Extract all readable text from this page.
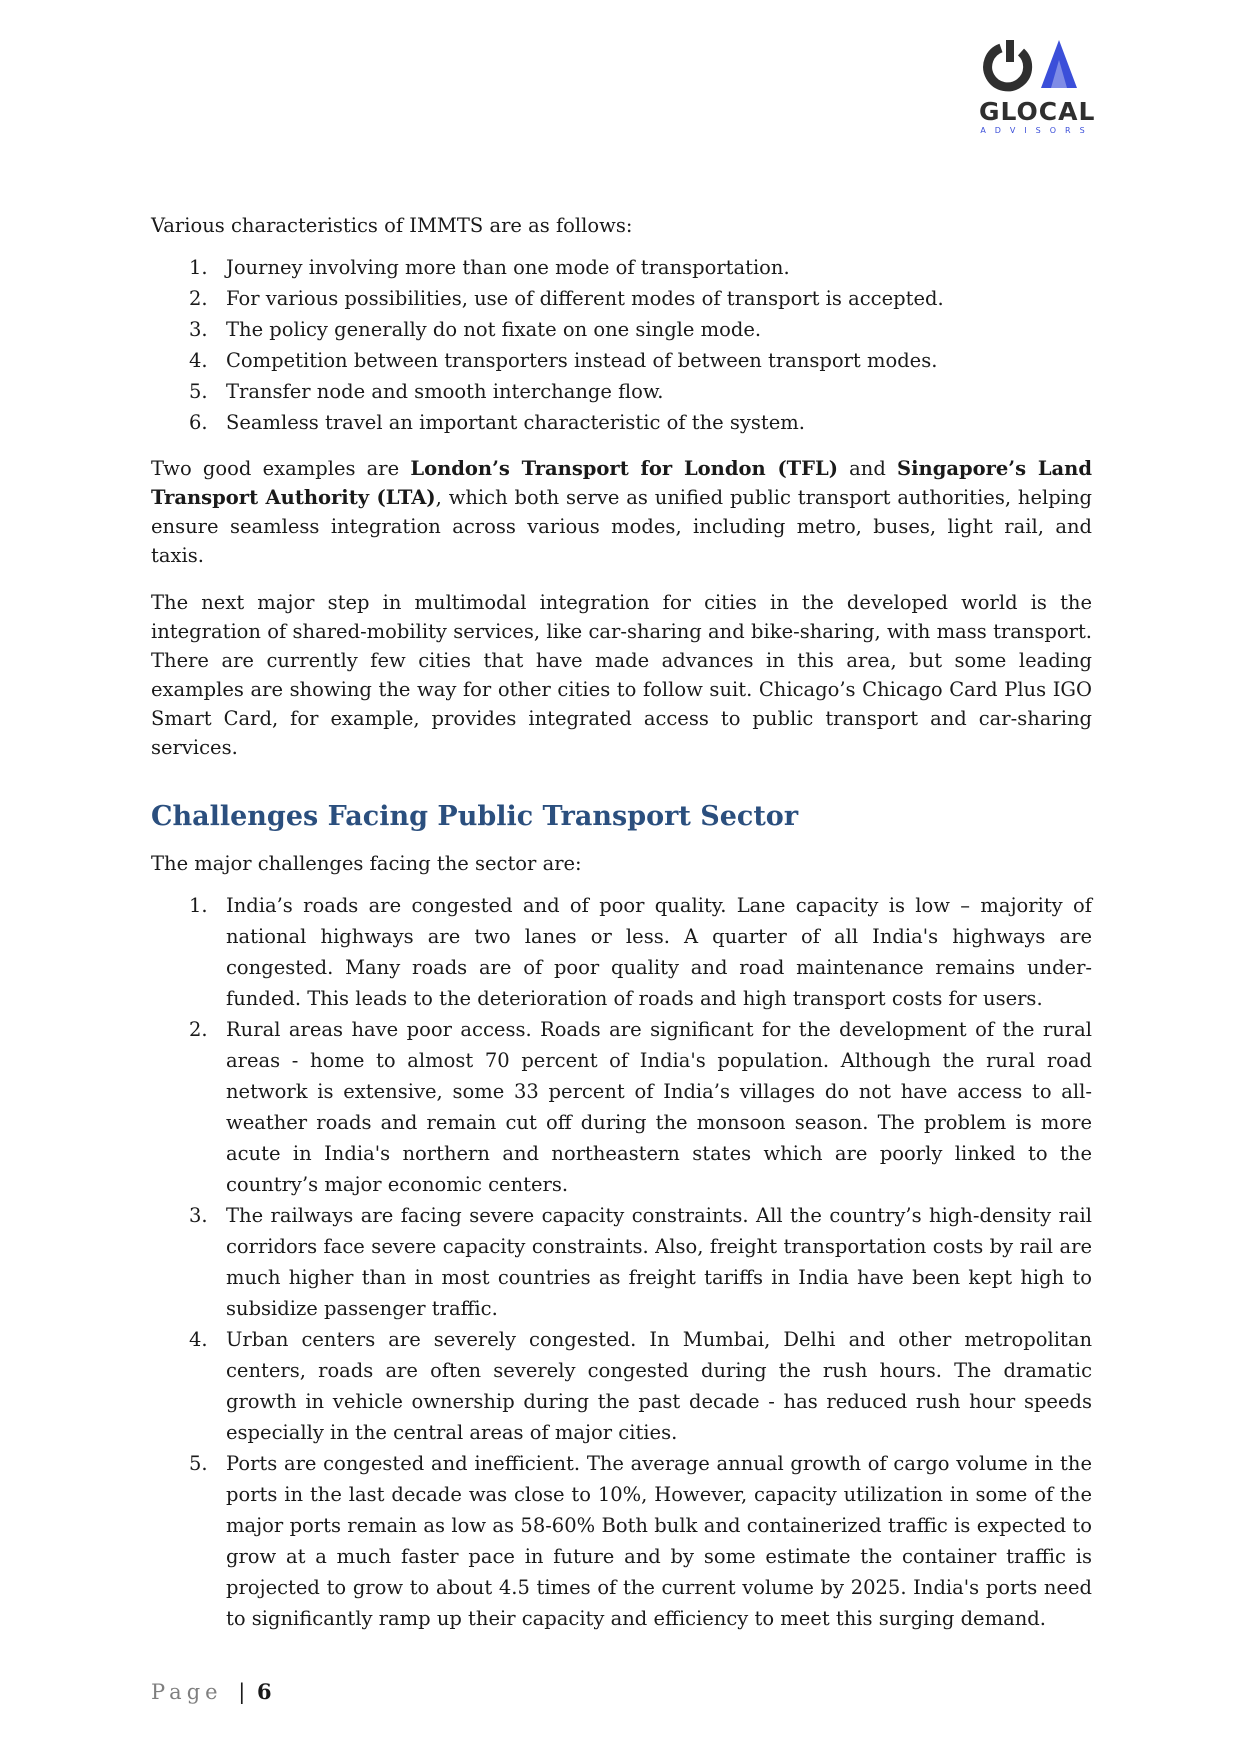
GLOCAL
ADVISORS

Various characteristics of IMMTS are as follows:

1. Journey involving more than one mode of transportation.
2. For various possibilities, use of different modes of transport is accepted.
3. The policy generally do not fixate on one single mode.
4. Competition between transporters instead of between transport modes.
5. Transfer node and smooth interchange flow.
6. Seamless travel an important characteristic of the system.

Two good examples are London’s Transport for London (TFL) and Singapore’s Land Transport Authority (LTA), which both serve as unified public transport authorities, helping ensure seamless integration across various modes, including metro, buses, light rail, and taxis.

The next major step in multimodal integration for cities in the developed world is the integration of shared-mobility services, like car-sharing and bike-sharing, with mass transport. There are currently few cities that have made advances in this area, but some leading examples are showing the way for other cities to follow suit. Chicago’s Chicago Card Plus IGO Smart Card, for example, provides integrated access to public transport and car-sharing services.

Challenges Facing Public Transport Sector

The major challenges facing the sector are:

1. India’s roads are congested and of poor quality. Lane capacity is low – majority of national highways are two lanes or less. A quarter of all India's highways are congested. Many roads are of poor quality and road maintenance remains under-funded. This leads to the deterioration of roads and high transport costs for users.
2. Rural areas have poor access. Roads are significant for the development of the rural areas - home to almost 70 percent of India's population. Although the rural road network is extensive, some 33 percent of India’s villages do not have access to all-weather roads and remain cut off during the monsoon season. The problem is more acute in India's northern and northeastern states which are poorly linked to the country’s major economic centers.
3. The railways are facing severe capacity constraints. All the country’s high-density rail corridors face severe capacity constraints. Also, freight transportation costs by rail are much higher than in most countries as freight tariffs in India have been kept high to subsidize passenger traffic.
4. Urban centers are severely congested. In Mumbai, Delhi and other metropolitan centers, roads are often severely congested during the rush hours. The dramatic growth in vehicle ownership during the past decade - has reduced rush hour speeds especially in the central areas of major cities.
5. Ports are congested and inefficient. The average annual growth of cargo volume in the ports in the last decade was close to 10%, However, capacity utilization in some of the major ports remain as low as 58-60% Both bulk and containerized traffic is expected to grow at a much faster pace in future and by some estimate the container traffic is projected to grow to about 4.5 times of the current volume by 2025. India's ports need to significantly ramp up their capacity and efficiency to meet this surging demand.
Page | 6
